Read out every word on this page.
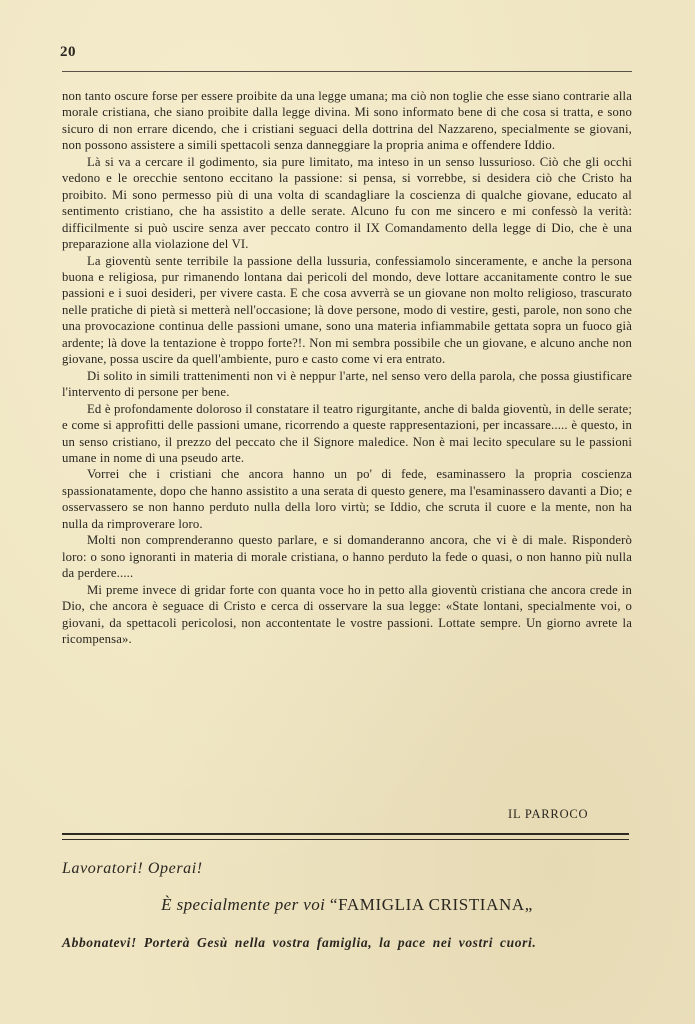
20

non tanto oscure forse per essere proibite da una legge umana; ma ciò non toglie che esse siano contrarie alla morale cristiana, che siano proibite dalla legge divina. Mi sono informato bene di che cosa si tratta, e sono sicuro di non errare dicendo, che i cristiani seguaci della dottrina del Nazzareno, specialmente se giovani, non possono assistere a simili spettacoli senza danneggiare la propria anima e offendere Iddio.

Là si va a cercare il godimento, sia pure limitato, ma inteso in un senso lussurioso. Ciò che gli occhi vedono e le orecchie sentono eccitano la passione: si pensa, si vorrebbe, si desidera ciò che Cristo ha proibito. Mi sono permesso più di una volta di scandagliare la coscienza di qualche giovane, educato al sentimento cristiano, che ha assistito a delle serate. Alcuno fu con me sincero e mi confessò la verità: difficilmente si può uscire senza aver peccato contro il IX Comandamento della legge di Dio, che è una preparazione alla violazione del VI.

La gioventù sente terribile la passione della lussuria, confessiamolo sinceramente, e anche la persona buona e religiosa, pur rimanendo lontana dai pericoli del mondo, deve lottare accanitamente contro le sue passioni e i suoi desideri, per vivere casta. E che cosa avverrà se un giovane non molto religioso, trascurato nelle pratiche di pietà si metterà nell'occasione; là dove persone, modo di vestire, gesti, parole, non sono che una provocazione continua delle passioni umane, sono una materia infiammabile gettata sopra un fuoco già ardente; là dove la tentazione è troppo forte?!. Non mi sembra possibile che un giovane, e alcuno anche non giovane, possa uscire da quell'ambiente, puro e casto come vi era entrato.

Di solito in simili trattenimenti non vi è neppur l'arte, nel senso vero della parola, che possa giustificare l'intervento di persone per bene.

Ed è profondamente doloroso il constatare il teatro rigurgitante, anche di balda gioventù, in delle serate; e come si approfitti delle passioni umane, ricorrendo a queste rappresentazioni, per incassare..... è questo, in un senso cristiano, il prezzo del peccato che il Signore maledice. Non è mai lecito speculare su le passioni umane in nome di una pseudo arte.

Vorrei che i cristiani che ancora hanno un po' di fede, esaminassero la propria coscienza spassionatamente, dopo che hanno assistito a una serata di questo genere, ma l'esaminassero davanti a Dio; e osservassero se non hanno perduto nulla della loro virtù; se Iddio, che scruta il cuore e la mente, non ha nulla da rimproverare loro.

Molti non comprenderanno questo parlare, e si domanderanno ancora, che vi è di male. Risponderò loro: o sono ignoranti in materia di morale cristiana, o hanno perduto la fede o quasi, o non hanno più nulla da perdere.....

Mi preme invece di gridar forte con quanta voce ho in petto alla gioventù cristiana che ancora crede in Dio, che ancora è seguace di Cristo e cerca di osservare la sua legge: «State lontani, specialmente voi, o giovani, da spettacoli pericolosi, non accontentate le vostre passioni. Lottate sempre. Un giorno avrete la ricompensa».

IL PARROCO
Lavoratori! Operai!
È specialmente per voi “FAMIGLIA CRISTIANA„
Abbonatevi! Porterà Gesù nella vostra famiglia, la pace nei vostri cuori.
